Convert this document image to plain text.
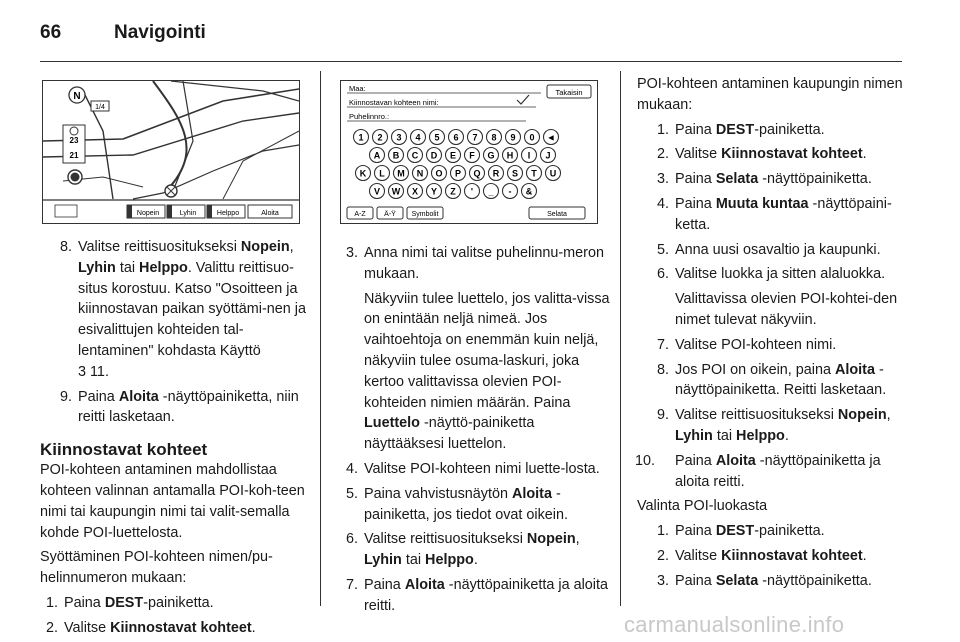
66	Navigointi
N
1/4
23
21
Nopein	Lyhin	Helppo	Aloita
8. Valitse reittisuositukseksi Nopein, Lyhin tai Helppo. Valittu reittisuo-situs korostuu. Katso "Osoitteen ja kiinnostavan paikan syöttämi-nen ja esivalittujen kohteiden tal-lentaminen" kohdasta Käyttö
3 11.
9. Paina Aloita -näyttöpainiketta, niin reitti lasketaan.
Kiinnostavat kohteet

POI-kohteen antaminen mahdollistaa kohteen valinnan antamalla POI-koh-teen nimi tai kaupungin nimi tai valit-semalla kohde POI-luettelosta.

Syöttäminen POI-kohteen nimen/pu-helinnumeron mukaan:

1. Paina DEST-painiketta.
2. Valitse Kiinnostavat kohteet.
Maa:
Kiinnostavan kohteen nimi:
Puhelinnro.:
Takaisin
1 2 3 4 5 6 7 8 9 0 ◄
A B C D E F G H I J
K L M N O P Q R S T U
V W X Y Z ' _ - &
A-Z	Ä-Ÿ Symbolit	Selata
3. Anna nimi tai valitse puhelinnu-meron mukaan.
Näkyviin tulee luettelo, jos valitta-vissa on enintään neljä nimeä. Jos vaihtoehtoja on enemmän kuin neljä, näkyviin tulee osuma-laskuri, joka kertoo valittavissa olevien POI-kohteiden nimien määrän. Paina Luettelo -näyttö-painiketta näyttääksesi luettelon.
4. Valitse POI-kohteen nimi luette-losta.
5. Paina vahvistusnäytön Aloita -painiketta, jos tiedot ovat oikein.
6. Valitse reittisuositukseksi Nopein, Lyhin tai Helppo.
7. Paina Aloita -näyttöpainiketta ja aloita reitti.

POI-kohteen antaminen kaupungin nimen mukaan:

1. Paina DEST-painiketta.
2. Valitse Kiinnostavat kohteet.
3. Paina Selata -näyttöpainiketta.
4. Paina Muuta kuntaa -näyttöpaini-ketta.
5. Anna uusi osavaltio ja kaupunki.
6. Valitse luokka ja sitten alaluokka.
Valittavissa olevien POI-kohtei-den nimet tulevat näkyviin.
7. Valitse POI-kohteen nimi.
8. Jos POI on oikein, paina Aloita -näyttöpainiketta. Reitti lasketaan.
9. Valitse reittisuositukseksi Nopein, Lyhin tai Helppo.
10. Paina Aloita -näyttöpainiketta ja aloita reitti.

Valinta POI-luokasta

1. Paina DEST-painiketta.
2. Valitse Kiinnostavat kohteet.
3. Paina Selata -näyttöpainiketta.
carmanualsonline.info
